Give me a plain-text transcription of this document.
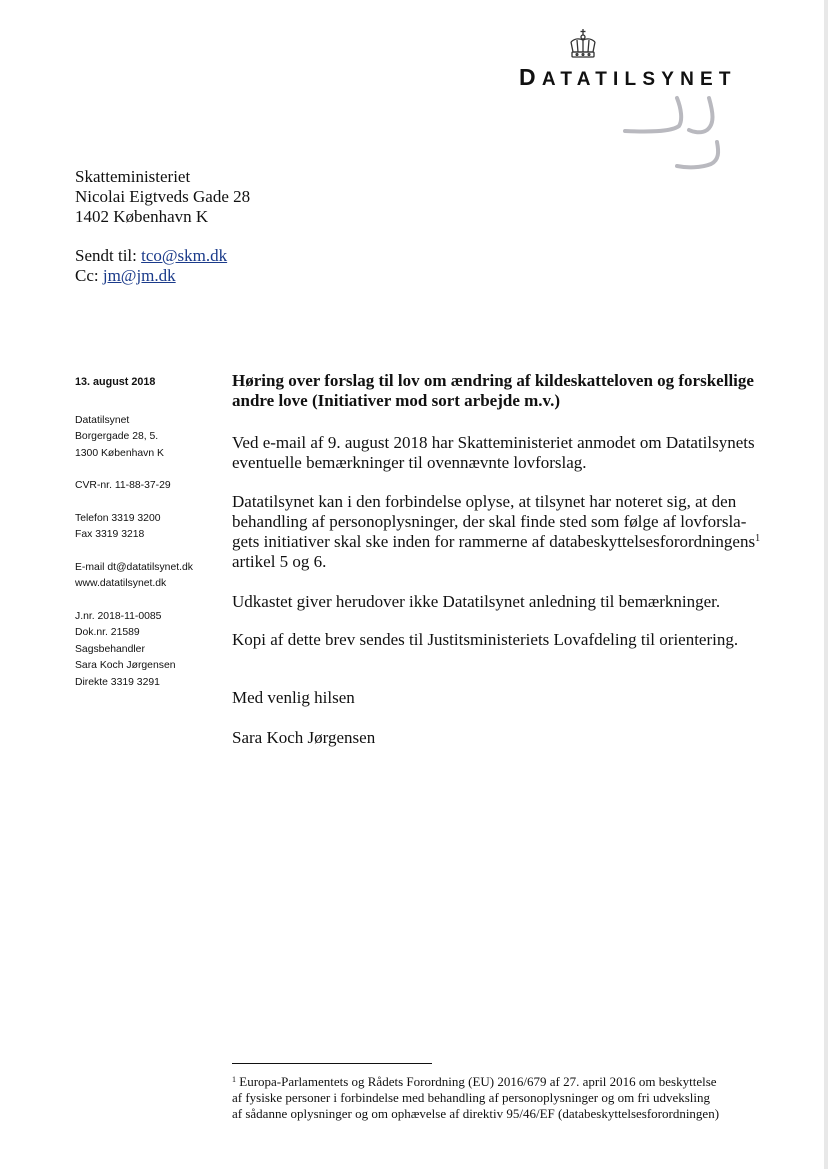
DATATILSYNET
Skatteministeriet
Nicolai Eigtveds Gade 28
1402 København K
Sendt til: tco@skm.dk
Cc: jm@jm.dk
13. august 2018
Datatilsynet
Borgergade 28, 5.
1300 København K
CVR-nr. 11-88-37-29
Telefon 3319 3200
Fax 3319 3218
E-mail dt@datatilsynet.dk
www.datatilsynet.dk
J.nr. 2018-11-0085
Dok.nr. 21589
Sagsbehandler
Sara Koch Jørgensen
Direkte 3319 3291

Høring over forslag til lov om ændring af kildeskatteloven og forskellige

andre love (Initiativer mod sort arbejde m.v.)

Ved e-mail af 9. august 2018 har Skatteministeriet anmodet om Datatilsynets
eventuelle bemærkninger til ovennævnte lovforslag.
Datatilsynet kan i den forbindelse oplyse, at tilsynet har noteret sig, at den
behandling af personoplysninger, der skal finde sted som følge af lovforsla-
gets initiativer skal ske inden for rammerne af databeskyttelsesforordningens$^1$
artikel 5 og 6.
Udkastet giver herudover ikke Datatilsynet anledning til bemærkninger.
Kopi af dette brev sendes til Justitsministeriets Lovafdeling til orientering.
Med venlig hilsen
Sara Koch Jørgensen
$^1$ Europa-Parlamentets og Rådets Forordning (EU) 2016/679 af 27. april 2016 om beskyttelse
af fysiske personer i forbindelse med behandling af personoplysninger og om fri udveksling
af sådanne oplysninger og om ophævelse af direktiv 95/46/EF (databeskyttelsesforordningen)
